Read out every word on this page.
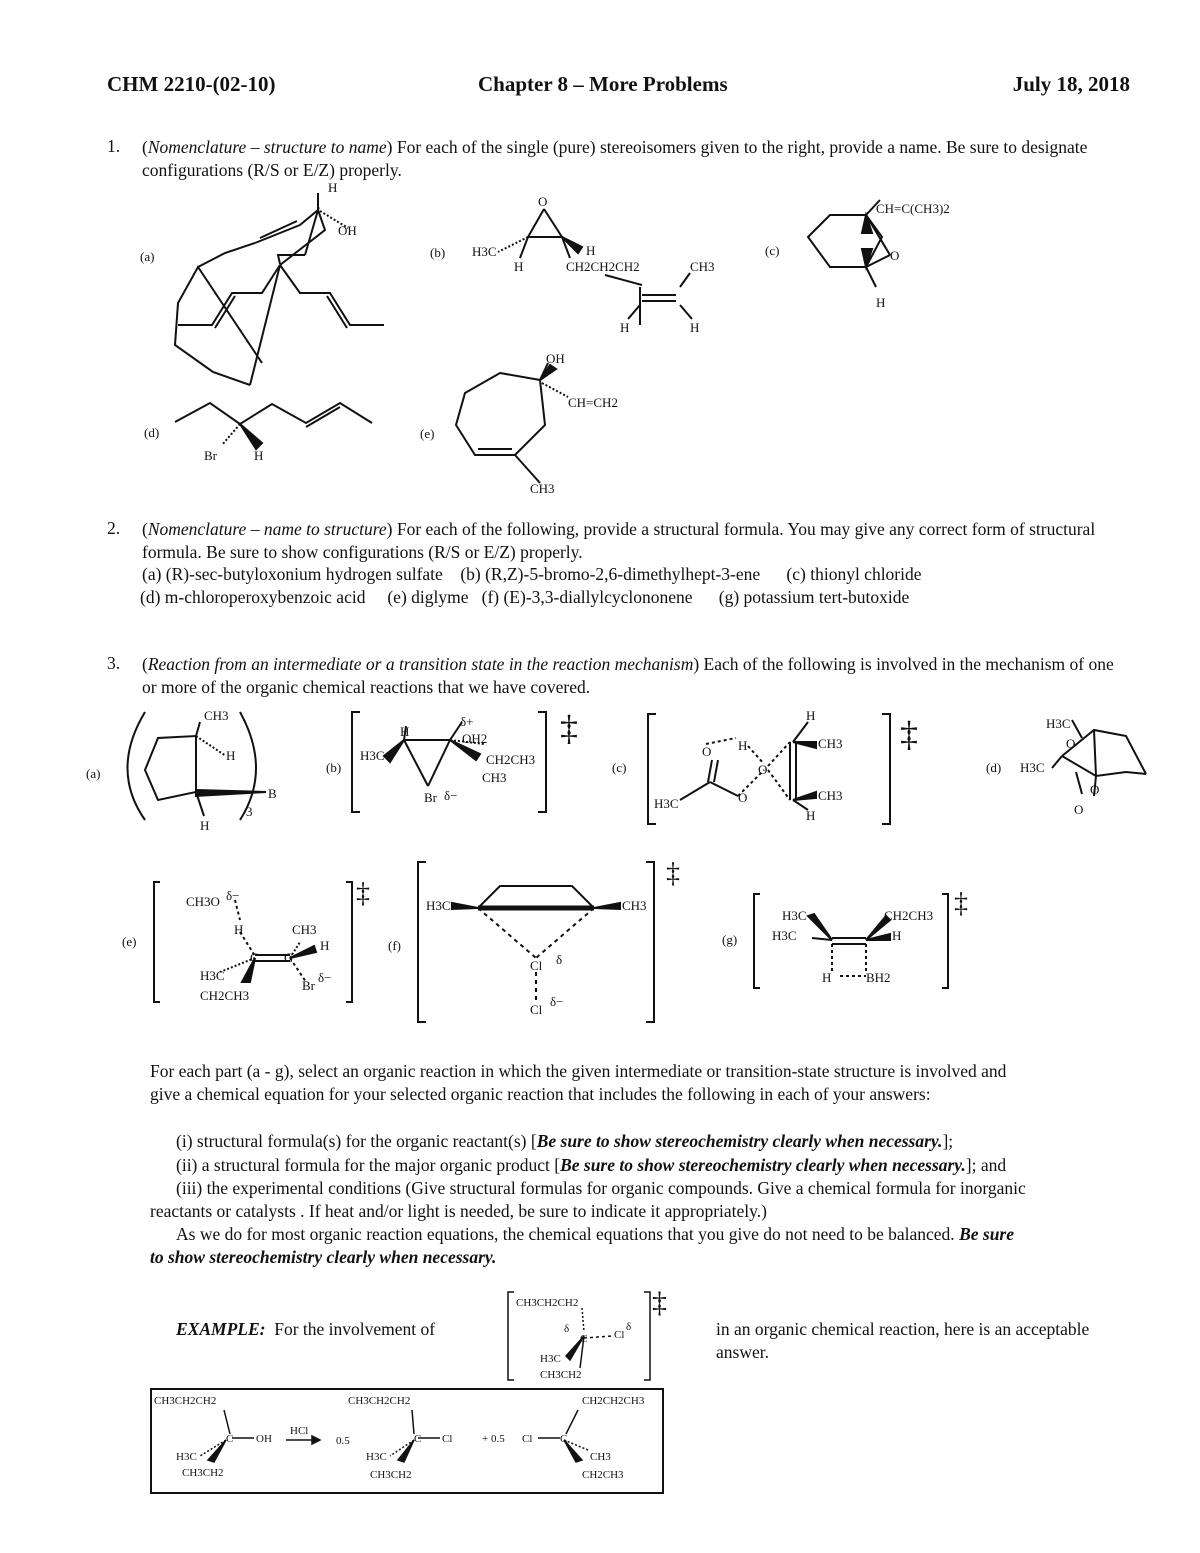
CHM 2210-(02-10)	Chapter 8 – More Problems	July 18, 2018
1. (Nomenclature – structure to name) For each of the single (pure) stereoisomers given to the right, provide a name. Be sure to designate configurations (R/S or E/Z) properly.
(a)
H
OH
(b)
O
H3C
H
H
CH2CH2CH2	CH3
H	H
(c)
CH=C(CH3)2
O
H
(d)
Br	H
(e)
OH
CH=CH2
CH3
2. (Nomenclature – name to structure) For each of the following, provide a structural formula. You may give any correct form of structural formula. Be sure to show configurations (R/S or E/Z) properly.
(a) (R)-sec-butyloxonium hydrogen sulfate (b) (R,Z)-5-bromo-2,6-dimethylhept-3-ene (c) thionyl chloride
(d) m-chloroperoxybenzoic acid (e) diglyme (f) (E)-3,3-diallylcyclononene (g) potassium tert-butoxide
3. (Reaction from an intermediate or a transition state in the reaction mechanism) Each of the following is involved in the mechanism of one or more of the organic chemical reactions that we have covered.
(a)
CH3
H
H
B
3
(b)
H3C
H
δ+
OH2
CH2CH3
CH3
Br δ−
‡
(c)
O H
O
O
H3C
H
CH3
CH3
H
‡
(d)
H3C
H3C
O
O
O
(e)
CH3O δ−
H	CH3
H
H3C
C C
CH2CH3
Br
δ−
‡
(f)
H3C	CH3
Cl δ
Cl
δ−
‡
(g)
H3C
H3C
CH2CH3
H
H	BH2
‡
For each part (a - g), select an organic reaction in which the given intermediate or transition-state structure is involved and give a chemical equation for your selected organic reaction that includes the following in each of your answers:
(i) structural formula(s) for the organic reactant(s) [Be sure to show stereochemistry clearly when necessary.];
(ii) a structural formula for the major organic product [Be sure to show stereochemistry clearly when necessary.]; and
(iii) the experimental conditions (Give structural formulas for organic compounds. Give a chemical formula for inorganic reactants or catalysts . If heat and/or light is needed, be sure to indicate it appropriately.)
As we do for most organic reaction equations, the chemical equations that you give do not need to be balanced. Be sure to show stereochemistry clearly when necessary.
EXAMPLE: For the involvement of	in an organic chemical reaction, here is an acceptable answer.
CH3CH2CH2
δ
C Cl
δ
H3C
CH3CH2
‡
CH3CH2CH2
C OH
H3C
CH3CH2
HCl
0.5
CH3CH2CH2
C Cl
H3C
CH3CH2
+ 0.5 Cl	C
CH2CH2CH3
CH3
CH2CH3
